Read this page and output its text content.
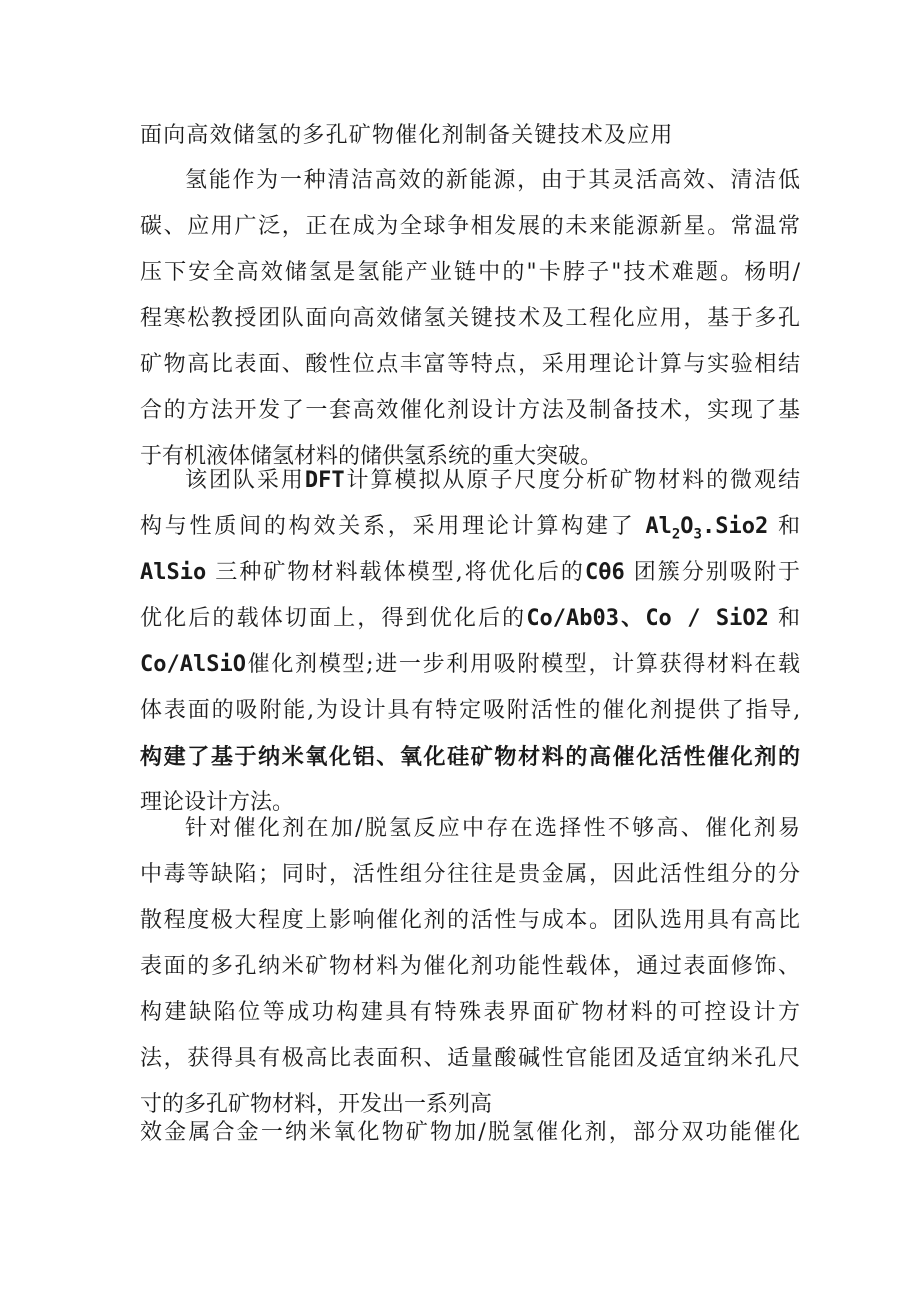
面向高效储氢的多孔矿物催化剂制备关键技术及应用
氢能作为一种清洁高效的新能源，由于其灵活高效、清洁低
碳、应用广泛，正在成为全球争相发展的未来能源新星。常温常
压下安全高效储氢是氢能产业链中的"卡脖子"技术难题。杨明/
程寒松教授团队面向高效储氢关键技术及工程化应用，基于多孔
矿物高比表面、酸性位点丰富等特点，采用理论计算与实验相结
合的方法开发了一套高效催化剂设计方法及制备技术，实现了基
于有机液体储氢材料的储供氢系统的重大突破。
该团队采用DFT计算模拟从原子尺度分析矿物材料的微观结
构与性质间的构效关系，采用理论计算构建了 $Al_2O_3.Sio2$ 和
AlSio 三种矿物材料载体模型,将优化后的Cθ6 团簇分别吸附于
优化后的载体切面上，得到优化后的Co/Ab03、Co / SiO2 和
Co/AlSiO催化剂模型;进一步利用吸附模型，计算获得材料在载
体表面的吸附能,为设计具有特定吸附活性的催化剂提供了指导,
构建了基于纳米氧化铝、氧化硅矿物材料的高催化活性催化剂的
理论设计方法。
针对催化剂在加/脱氢反应中存在选择性不够高、催化剂易
中毒等缺陷；同时，活性组分往往是贵金属，因此活性组分的分
散程度极大程度上影响催化剂的活性与成本。团队选用具有高比
表面的多孔纳米矿物材料为催化剂功能性载体，通过表面修饰、
构建缺陷位等成功构建具有特殊表界面矿物材料的可控设计方
法，获得具有极高比表面积、适量酸碱性官能团及适宜纳米孔尺
寸的多孔矿物材料，开发出一系列高
效金属合金一纳米氧化物矿物加/脱氢催化剂，部分双功能催化
